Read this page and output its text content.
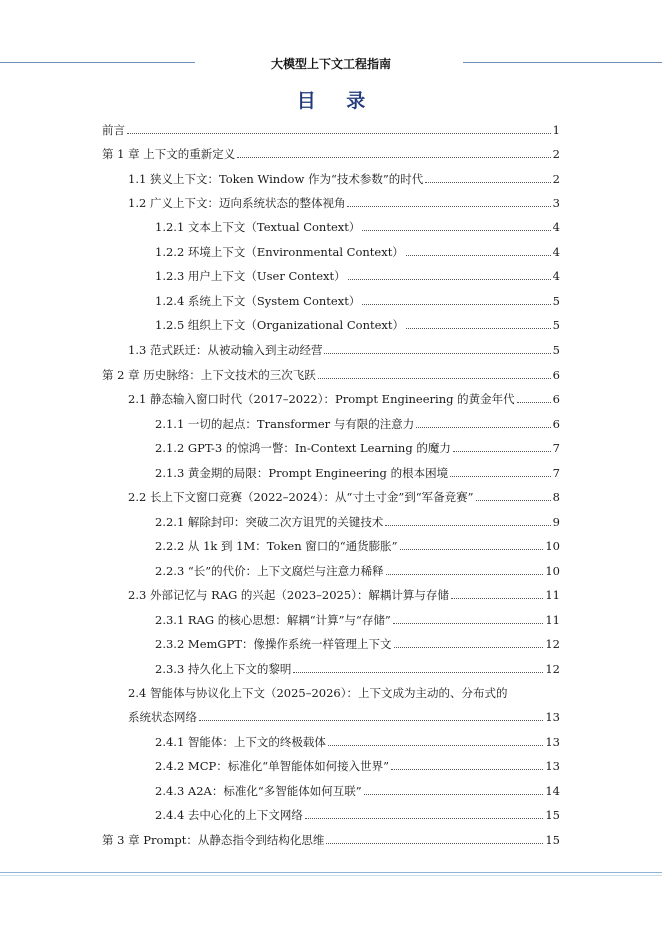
大模型上下文工程指南
目 录
前言	1
第 1 章 上下文的重新定义	2
1.1 狭义上下文：Token Window 作为“技术参数”的时代	2
1.2 广义上下文：迈向系统状态的整体视角	3
1.2.1 文本上下文（Textual Context）	4
1.2.2 环境上下文（Environmental Context）	4
1.2.3 用户上下文（User Context）	4
1.2.4 系统上下文（System Context）	5
1.2.5 组织上下文（Organizational Context）	5
1.3 范式跃迁：从被动输入到主动经营	5
第 2 章 历史脉络：上下文技术的三次飞跃	6
2.1 静态输入窗口时代（2017–2022）：Prompt Engineering 的黄金年代	6
2.1.1 一切的起点：Transformer 与有限的注意力	6
2.1.2 GPT-3 的惊鸿一瞥：In-Context Learning 的魔力	7
2.1.3 黄金期的局限：Prompt Engineering 的根本困境	7
2.2 长上下文窗口竞赛（2022–2024）：从“寸土寸金”到“军备竞赛”	8
2.2.1 解除封印：突破二次方诅咒的关键技术	9
2.2.2 从 1k 到 1M：Token 窗口的“通货膨胀”	10
2.2.3 “长”的代价：上下文腐烂与注意力稀释	10
2.3 外部记忆与 RAG 的兴起（2023–2025）：解耦计算与存储	11
2.3.1 RAG 的核心思想：解耦“计算”与“存储”	11
2.3.2 MemGPT：像操作系统一样管理上下文	12
2.3.3 持久化上下文的黎明	12
2.4 智能体与协议化上下文（2025–2026）：上下文成为主动的、分布式的
系统状态网络	13
2.4.1 智能体：上下文的终极载体	13
2.4.2 MCP：标准化“单智能体如何接入世界”	13
2.4.3 A2A：标准化“多智能体如何互联”	14
2.4.4 去中心化的上下文网络	15
第 3 章 Prompt：从静态指令到结构化思维	15
